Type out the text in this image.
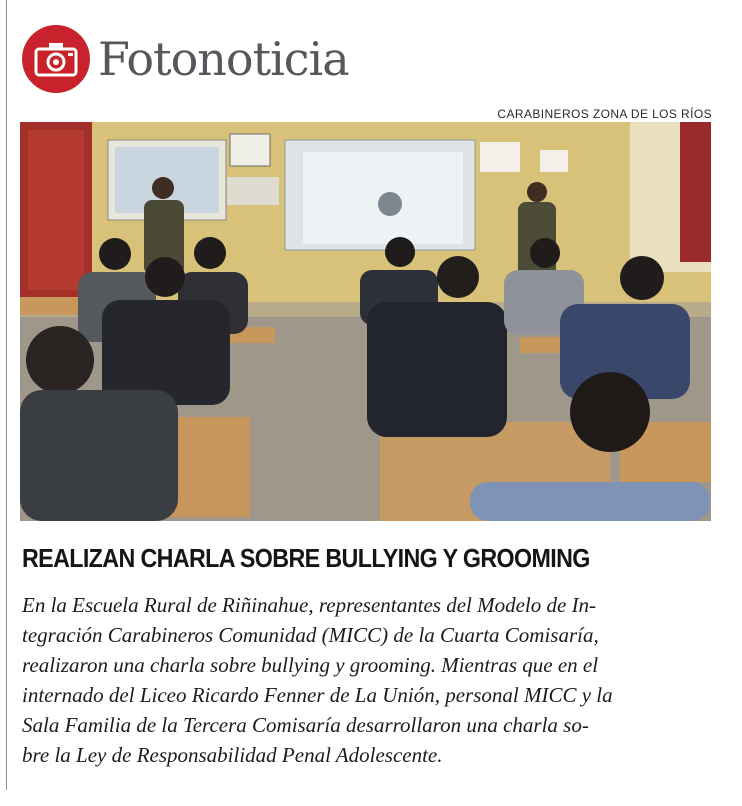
Fotonoticia
CARABINEROS ZONA DE LOS RÍOS
REALIZAN CHARLA SOBRE BULLYING Y GROOMING
En la Escuela Rural de Riñinahue, representantes del Modelo de In-
tegración Carabineros Comunidad (MICC) de la Cuarta Comisaría,
realizaron una charla sobre bullying y grooming. Mientras que en el
internado del Liceo Ricardo Fenner de La Unión, personal MICC y la
Sala Familia de la Tercera Comisaría desarrollaron una charla so-
bre la Ley de Responsabilidad Penal Adolescente.
